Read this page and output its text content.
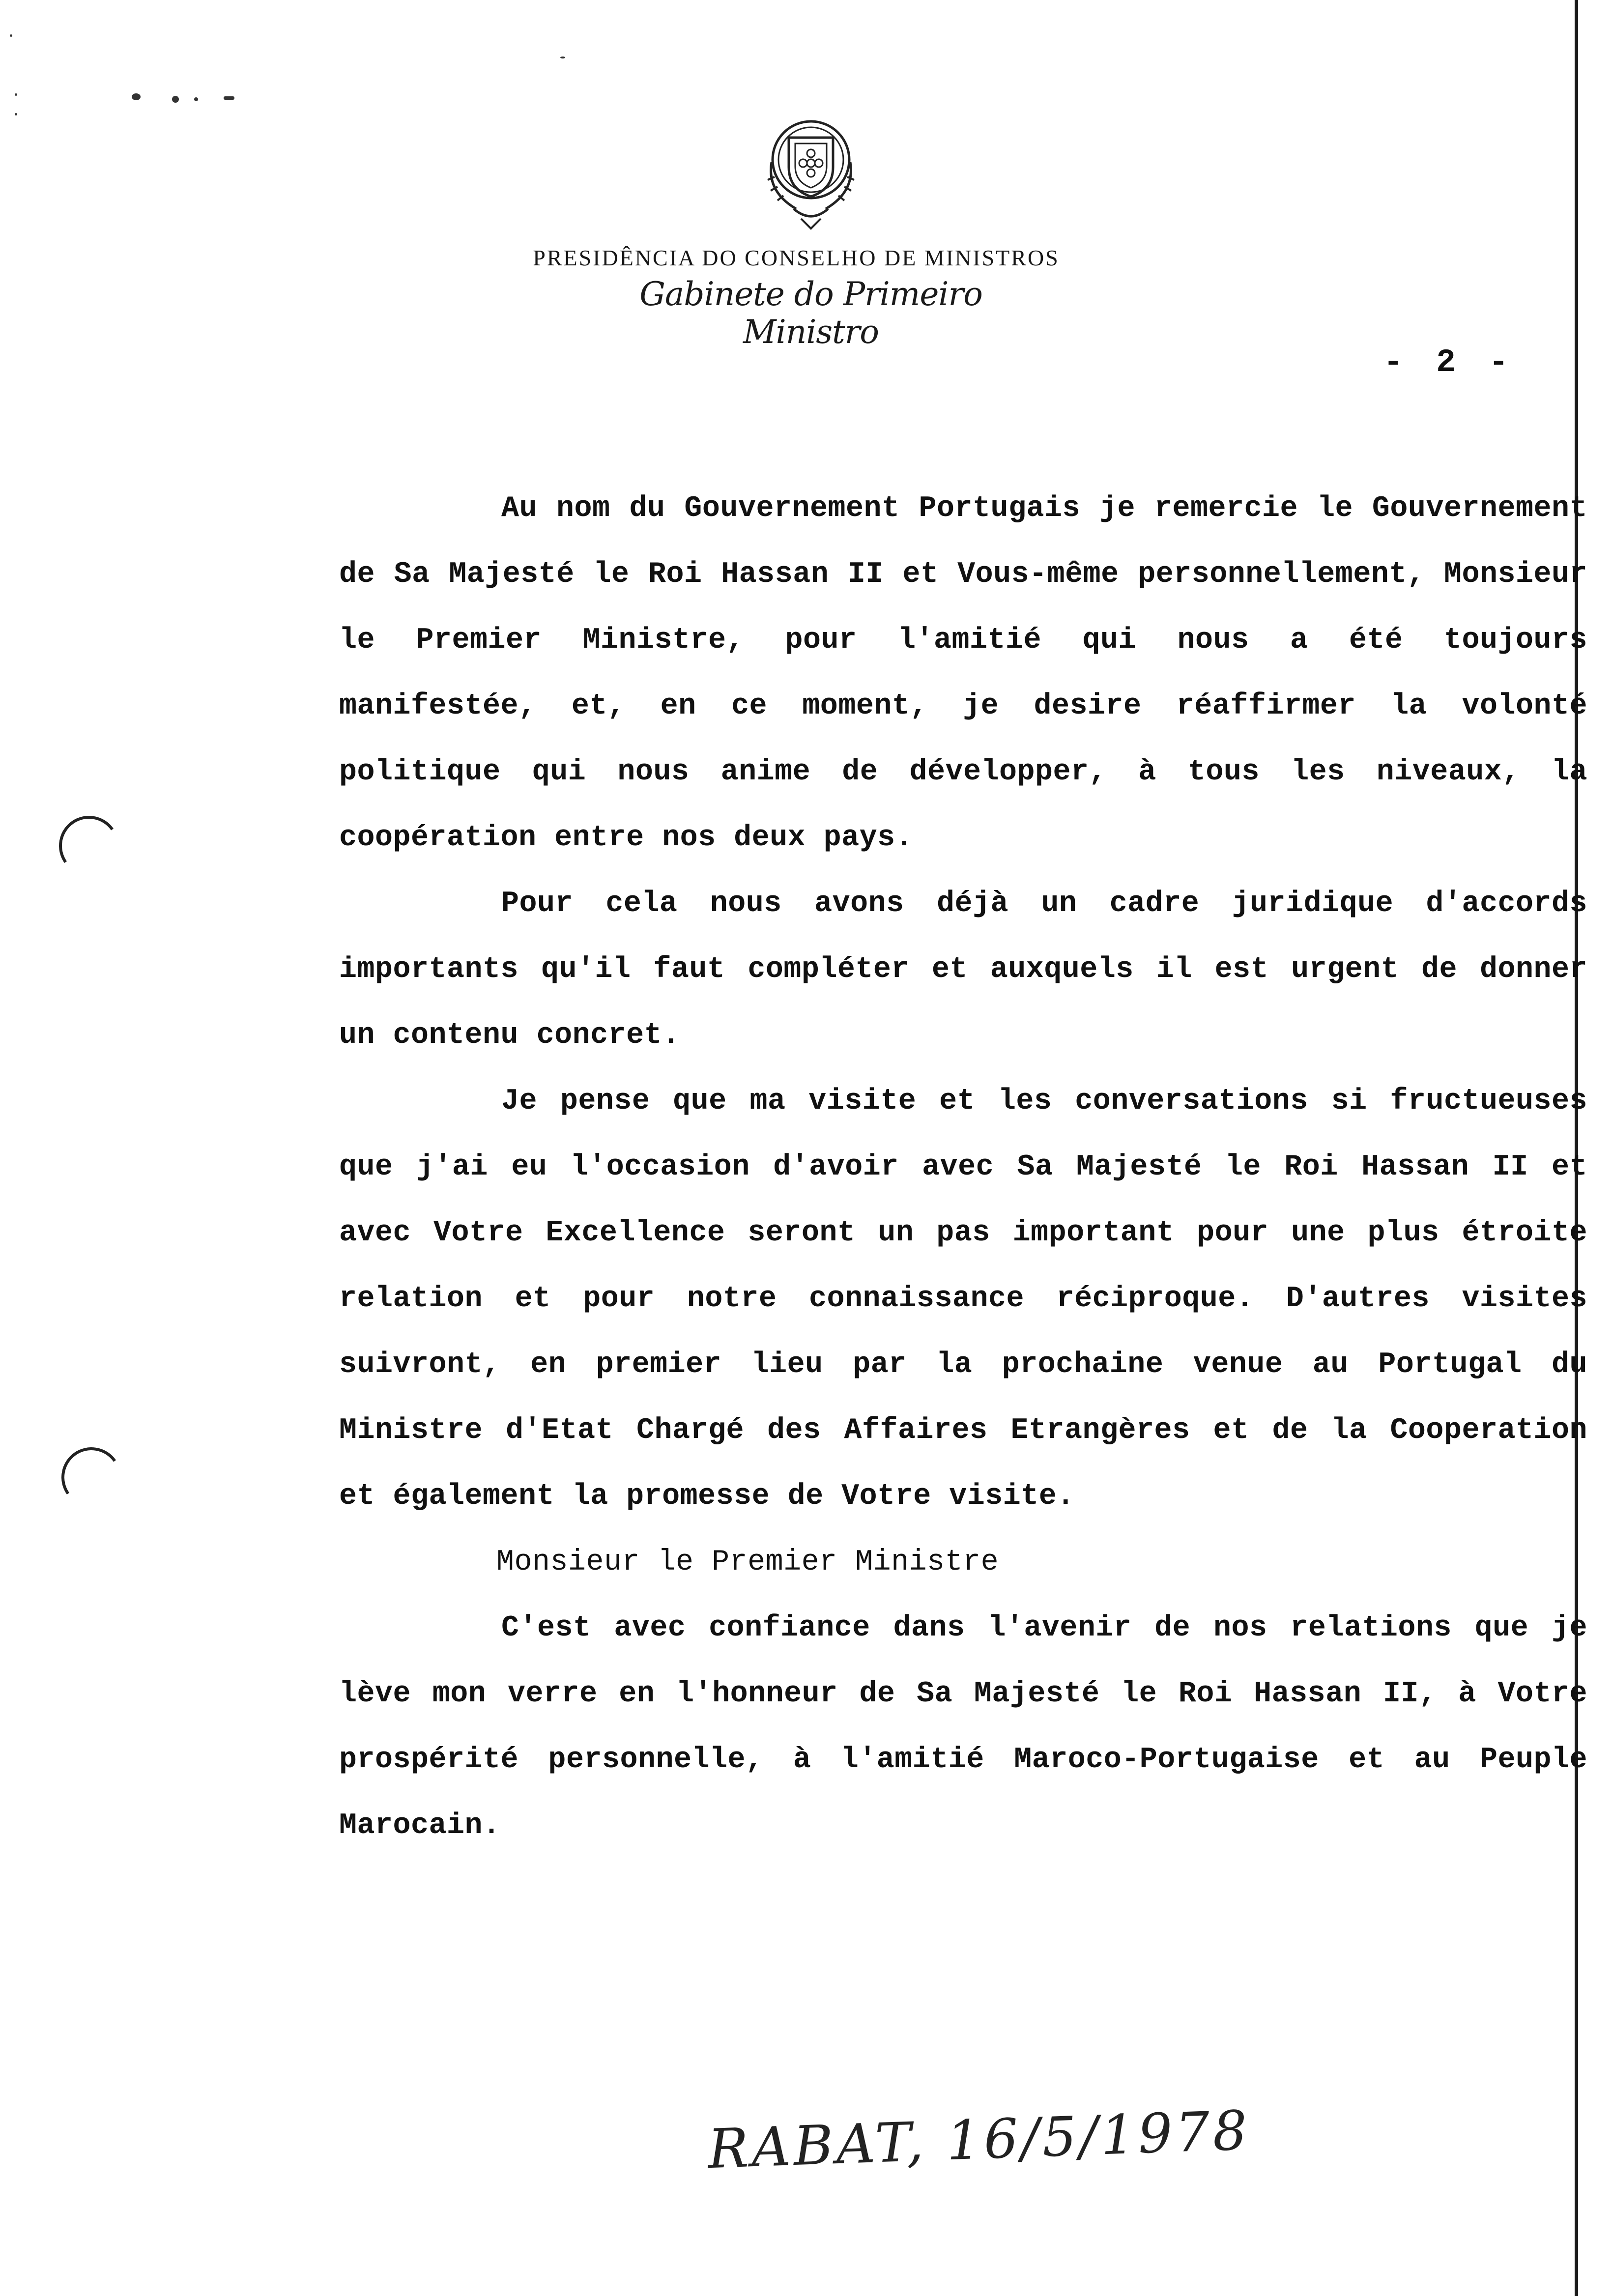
PRESIDÊNCIA DO CONSELHO DE MINISTROS
Gabinete do Primeiro Ministro
- 2 -

Au nom du Gouvernement Portugais je remercie le Gouvernement de Sa Majesté le Roi Hassan II et Vous-même personnellement, Monsieur le Premier Ministre, pour l'amitié qui nous a été toujours manifestée, et, en ce moment, je desire réaffirmer la volonté politique qui nous anime de développer, à tous les niveaux, la coopération entre nos deux pays.

Pour cela nous avons déjà un cadre juridique d'accords importants qu'il faut compléter et auxquels il est urgent de donner un contenu concret.

Je pense que ma visite et les conversations si fructueuses que j'ai eu l'occasion d'avoir avec Sa Majesté le Roi Hassan II et avec Votre Excellence seront un pas important pour une plus étroite relation et pour notre connaissance réciproque. D'autres visites suivront, en premier lieu par la prochaine venue au Portugal du Ministre d'Etat Chargé des Affaires Etrangères et de la Cooperation et également la promesse de Votre visite.

Monsieur le Premier Ministre

C'est avec confiance dans l'avenir de nos relations que je lève mon verre en l'honneur de Sa Majesté le Roi Hassan II, à Votre prospérité personnelle, à l'amitié Maroco-Portugaise et au Peuple Marocain.

RABAT, 16/5/1978
